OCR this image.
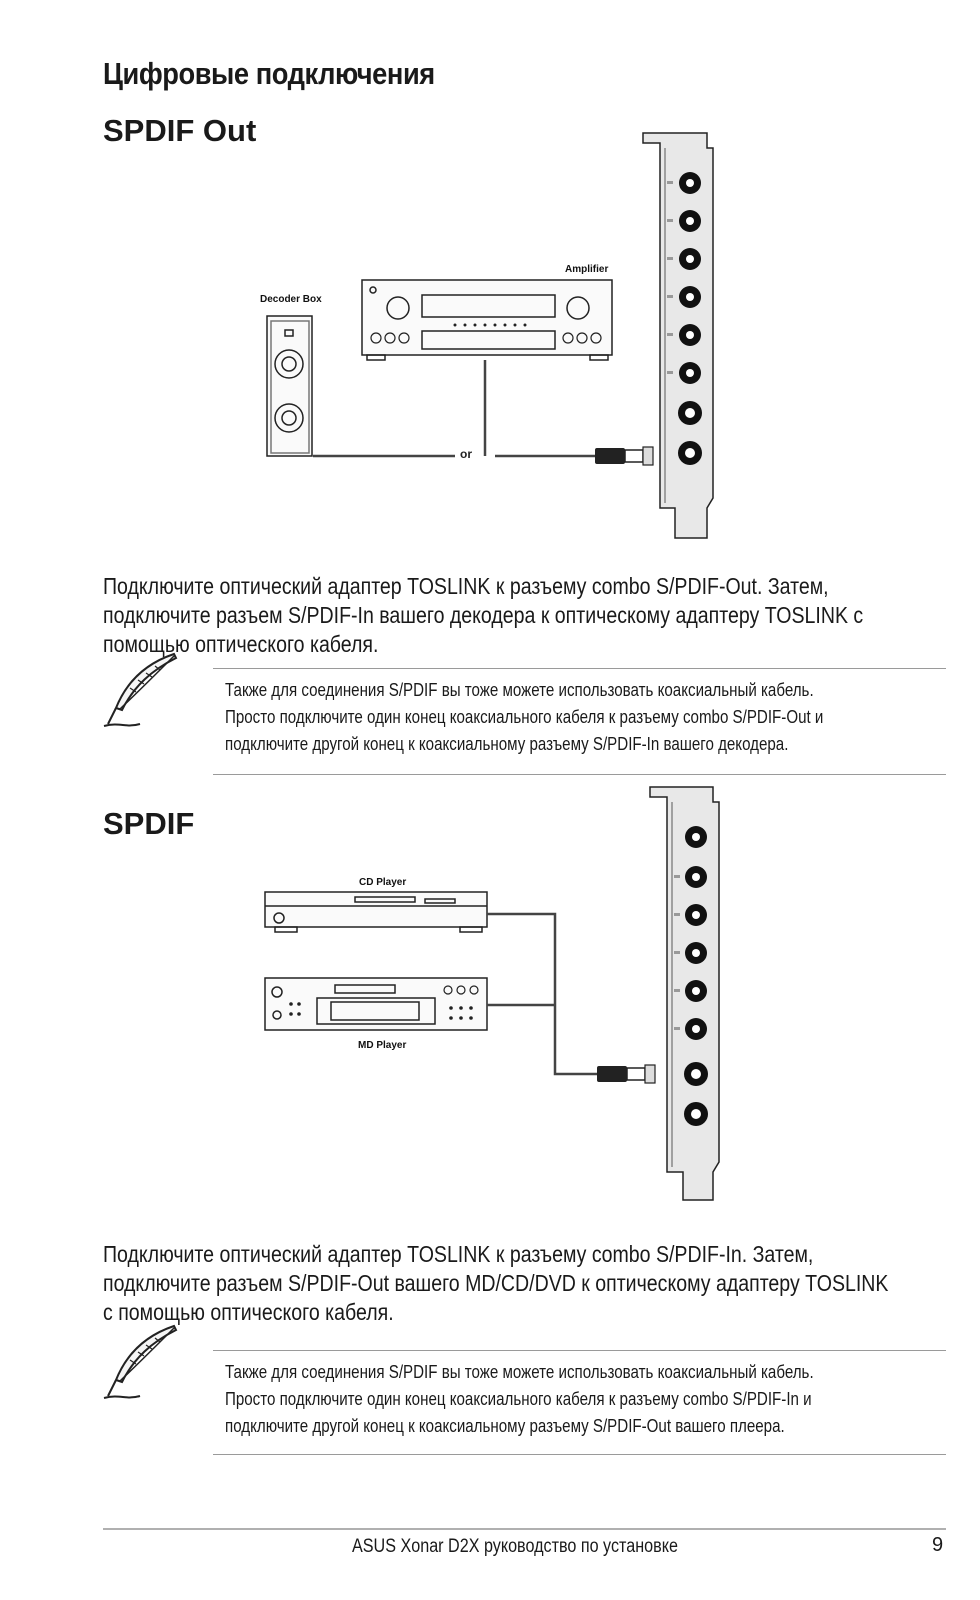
Цифровые подключения
SPDIF Out
Amplifier
Decoder Box
or
Подключите оптический адаптер TOSLINK к разъему combo S/PDIF-Out. Затем,
подключите разъем S/PDIF-In вашего декодера к оптическому адаптеру TOSLINK с
помощью оптического кабеля.
Также для соединения S/PDIF вы тоже можете использовать коаксиальный кабель.
Просто подключите один конец коаксиального кабеля к разъему combo S/PDIF-Out и
подключите другой конец к коаксиальному разъему S/PDIF-In вашего декодера.
SPDIF
CD Player
MD Player
Подключите оптический адаптер TOSLINK к разъему combo S/PDIF-In. Затем,
подключите разъем S/PDIF-Out вашего MD/CD/DVD к оптическому адаптеру TOSLINK
с помощью оптического кабеля.
Также для соединения S/PDIF вы тоже можете использовать коаксиальный кабель.
Просто подключите один конец коаксиального кабеля к разъему combo S/PDIF-In и
подключите другой конец к коаксиальному разъему S/PDIF-Out вашего плеера.
ASUS Xonar D2X руководство по установке	9
